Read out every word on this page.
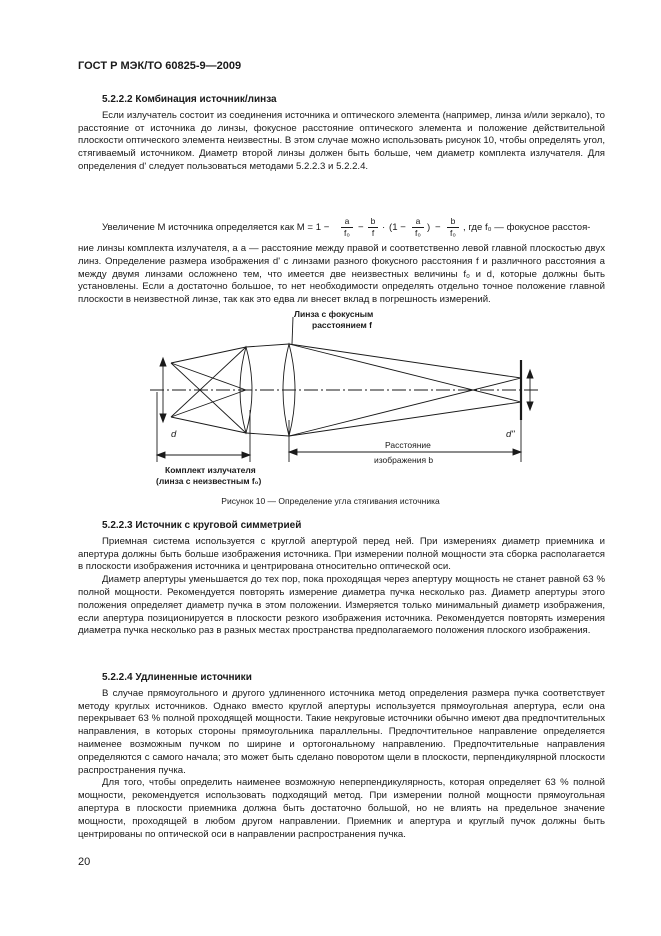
ГОСТ Р МЭК/ТО 60825-9—2009

5.2.2.2 Комбинация источник/линза

Если излучатель состоит из соединения источника и оптического элемента (например, линза и/или зеркало), то расстояние от источника до линзы, фокусное расстояние оптического элемента и положение действительной плоскости оптического элемента неизвестны. В этом случае можно использовать рисунок 10, чтобы определять угол, стягиваемый источником. Диаметр второй линзы должен быть больше, чем диаметр комплекта излучателя. Для определения d' следует пользоваться методами 5.2.2.3 и 5.2.2.4.

Увеличение M источника определяется как $M = 1 - \frac{a}{\text{f₀}} - \frac{b}{f} \cdot (1 - \frac{a}{\text{f₀}}$ ) − $\frac{b}{\text{f₀}}$ , где f₀ — фокусное расстоя-

ние линзы комплекта излучателя, а a — расстояние между правой и соответственно левой главной плоскостью двух линз. Определение размера изображения d' с линзами разного фокусного расстояния f и различного расстояния a между двумя линзами осложнено тем, что имеется две неизвестных величины f₀ и d, которые должны быть установлены. Если a достаточно большое, то нет необходимости определять отдельно точное положение главной плоскости в неизвестной линзе, так как это едва ли внесет вклад в погрешность измерений.

Линза с фокусным
расстоянием f
d	d"
Комплект излучателя
(линза с неизвестным f₀)
Расстояние
изображения b
Рисунок 10 — Определение угла стягивания источника

5.2.2.3 Источник с круговой симметрией

Приемная система используется с круглой апертурой перед ней. При измерениях диаметр приемника и апертура должны быть больше изображения источника. При измерении полной мощности эта сборка располагается в плоскости изображения источника и центрирована относительно оптической оси.

Диаметр апертуры уменьшается до тех пор, пока проходящая через апертуру мощность не станет равной 63 % полной мощности. Рекомендуется повторять измерение диаметра пучка несколько раз. Диаметр апертуры этого положения определяет диаметр пучка в этом положении. Измеряется только минимальный диаметр изображения, если апертура позиционируется в плоскости резкого изображения источника. Рекомендуется повторять измерения диаметра пучка несколько раз в разных местах пространства предполагаемого положения плоского изображения.

5.2.2.4 Удлиненные источники

В случае прямоугольного и другого удлиненного источника метод определения размера пучка соответствует методу круглых источников. Однако вместо круглой апертуры используется прямоугольная апертура, если она перекрывает 63 % полной проходящей мощности. Такие некруговые источники обычно имеют два предпочтительных направления, в которых стороны прямоугольника параллельны. Предпочтительное направление определяется наименее возможным пучком по ширине и ортогональному направлению. Предпочтительные направления определяются с самого начала; это может быть сделано поворотом щели в плоскости, перпендикулярной плоскости распространения пучка.

Для того, чтобы определить наименее возможную неперпендикулярность, которая определяет 63 % полной мощности, рекомендуется использовать подходящий метод. При измерении полной мощности прямоугольная апертура в плоскости приемника должна быть достаточно большой, но не влиять на предельное значение мощности, проходящей в любом другом направлении. Приемник и апертура и круглый пучок должны быть центрированы по оптической оси в направлении распространения пучка.

20
